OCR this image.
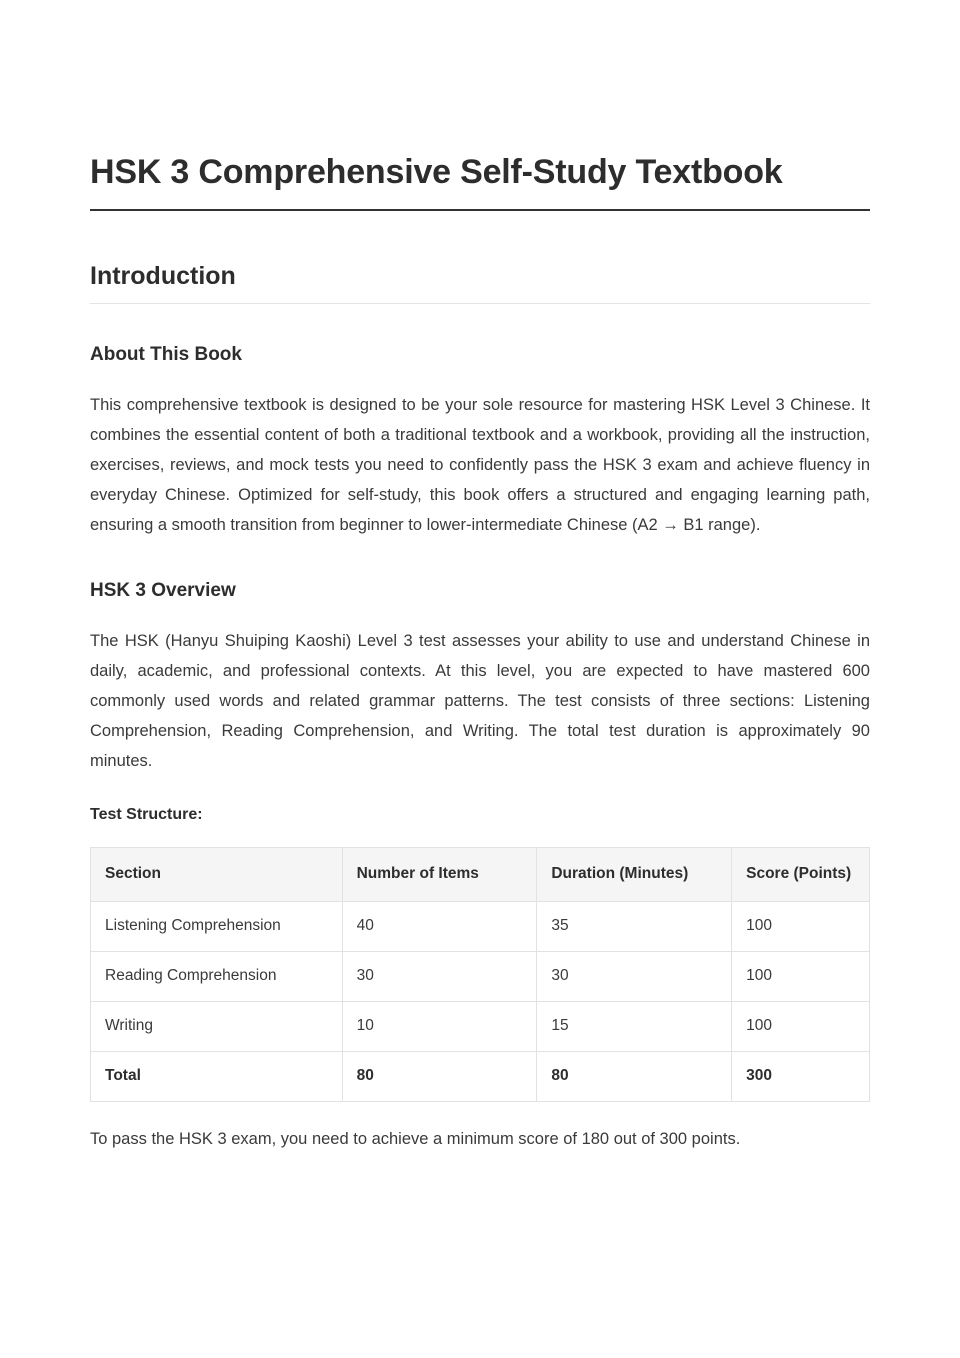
HSK 3 Comprehensive Self-Study Textbook
Introduction
About This Book

This comprehensive textbook is designed to be your sole resource for mastering HSK Level 3 Chinese. It combines the essential content of both a traditional textbook and a workbook, providing all the instruction, exercises, reviews, and mock tests you need to confidently pass the HSK 3 exam and achieve fluency in everyday Chinese. Optimized for self-study, this book offers a structured and engaging learning path, ensuring a smooth transition from beginner to lower-intermediate Chinese (A2 → B1 range).

HSK 3 Overview

The HSK (Hanyu Shuiping Kaoshi) Level 3 test assesses your ability to use and understand Chinese in daily, academic, and professional contexts. At this level, you are expected to have mastered 600 commonly used words and related grammar patterns. The test consists of three sections: Listening Comprehension, Reading Comprehension, and Writing. The total test duration is approximately 90 minutes.

Test Structure:

Section	Number of Items	Duration (Minutes)	Score (Points)
Listening Comprehension	40	35	100
Reading Comprehension	30	30	100
Writing	10	15	100
Total	80	80	300

To pass the HSK 3 exam, you need to achieve a minimum score of 180 out of 300 points.
